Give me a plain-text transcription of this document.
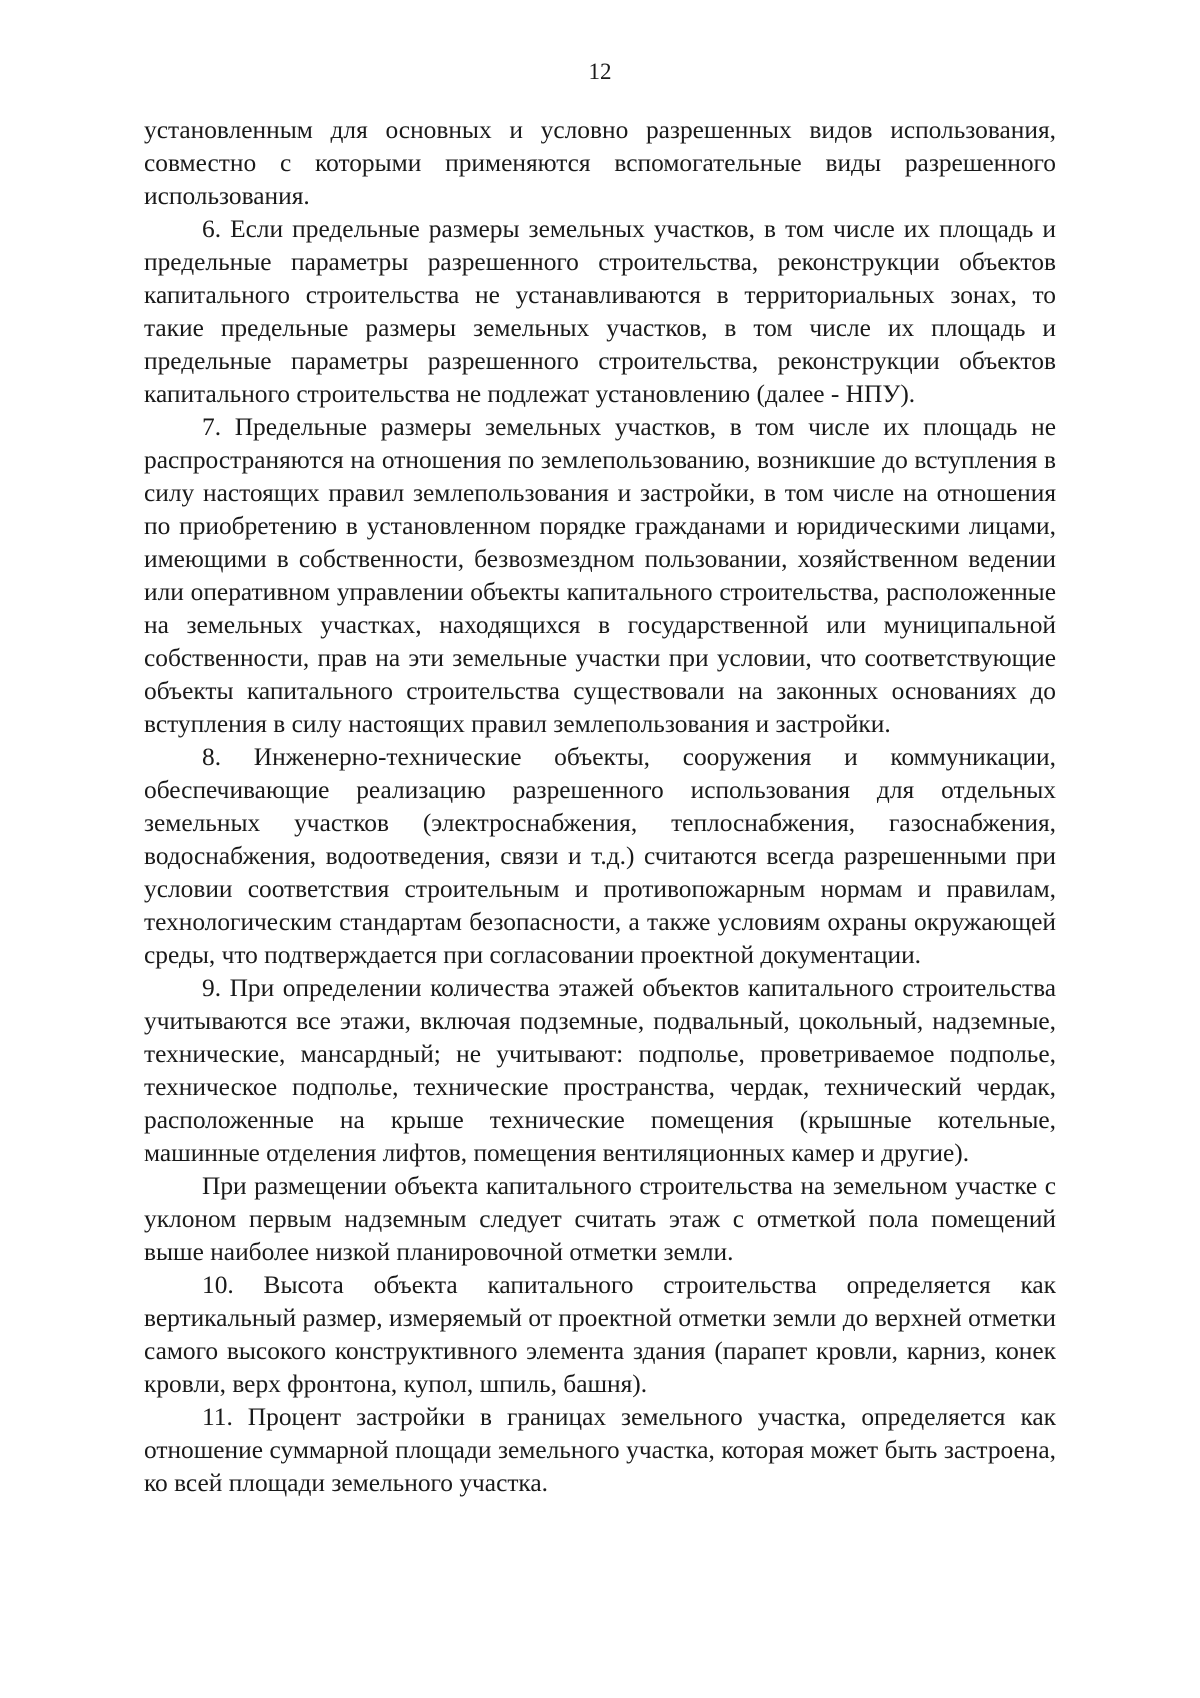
12

установленным для основных и условно разрешенных видов использования, совместно с которыми применяются вспомогательные виды разрешенного использования.

6. Если предельные размеры земельных участков, в том числе их площадь и предельные параметры разрешенного строительства, реконструкции объектов капитального строительства не устанавливаются в территориальных зонах, то такие предельные размеры земельных участков, в том числе их площадь и предельные параметры разрешенного строительства, реконструкции объектов капитального строительства не подлежат установлению (далее - НПУ).

7. Предельные размеры земельных участков, в том числе их площадь не распространяются на отношения по землепользованию, возникшие до вступления в силу настоящих правил землепользования и застройки, в том числе на отношения по приобретению в установленном порядке гражданами и юридическими лицами, имеющими в собственности, безвозмездном пользовании, хозяйственном ведении или оперативном управлении объекты капитального строительства, расположенные на земельных участках, находящихся в государственной или муниципальной собственности, прав на эти земельные участки при условии, что соответствующие объекты капитального строительства существовали на законных основаниях до вступления в силу настоящих правил землепользования и застройки.

8. Инженерно-технические объекты, сооружения и коммуникации, обеспечивающие реализацию разрешенного использования для отдельных земельных участков (электроснабжения, теплоснабжения, газоснабжения, водоснабжения, водоотведения, связи и т.д.) считаются всегда разрешенными при условии соответствия строительным и противопожарным нормам и правилам, технологическим стандартам безопасности, а также условиям охраны окружающей среды, что подтверждается при согласовании проектной документации.

9. При определении количества этажей объектов капитального строительства учитываются все этажи, включая подземные, подвальный, цокольный, надземные, технические, мансардный; не учитывают: подполье, проветриваемое подполье, техническое подполье, технические пространства, чердак, технический чердак, расположенные на крыше технические помещения (крышные котельные, машинные отделения лифтов, помещения вентиляционных камер и другие).

При размещении объекта капитального строительства на земельном участке с уклоном первым надземным следует считать этаж с отметкой пола помещений выше наиболее низкой планировочной отметки земли.

10. Высота объекта капитального строительства определяется как вертикальный размер, измеряемый от проектной отметки земли до верхней отметки самого высокого конструктивного элемента здания (парапет кровли, карниз, конек кровли, верх фронтона, купол, шпиль, башня).

11. Процент застройки в границах земельного участка, определяется как отношение суммарной площади земельного участка, которая может быть застроена, ко всей площади земельного участка.
